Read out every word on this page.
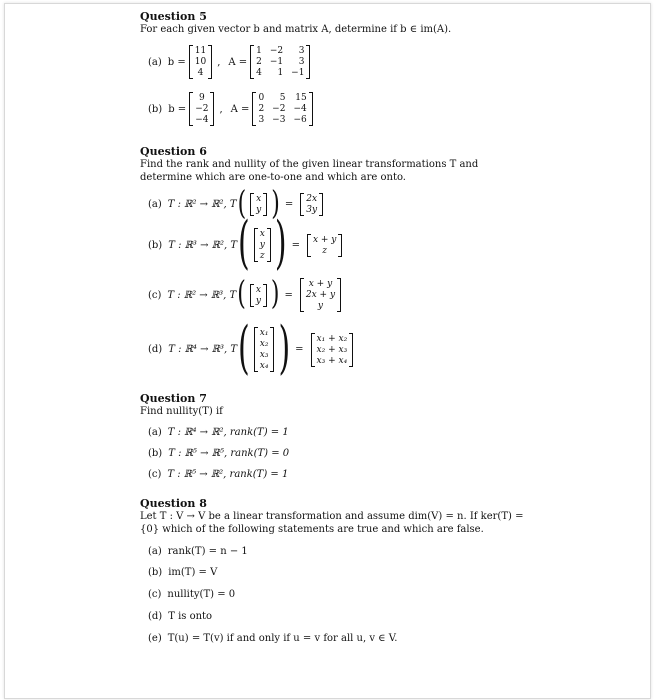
Question 5
For each given vector b and matrix A, determine if b ∈ im(A).
(a) b =
11
10
4
, A =
1 −2	3
2 −1	3
4	1 −1
(b) b =
9
−2
−4
, A =
0	5 15
2 −2 −4
3 −3 −6
Question 6
Find the rank and nullity of the given linear transformations T and determine which are one-to-one and which are onto.
(a) T : ℝ² → ℝ², T ( x
y ) = 2x
3y
(b) T : ℝ³ → ℝ², T ( x
y
z ) = x + y
z
(c) T : ℝ² → ℝ³, T ( x
y ) =
x + y
2x + y
y
(d) T : ℝ⁴ → ℝ³, T ( x₁
x₂
x₃
x₄ ) =
x₁ + x₂
x₂ + x₃
x₃ + x₄
Question 7
Find nullity(T) if
(a) T : ℝ⁴ → ℝ², rank(T) = 1
(b) T : ℝ⁵ → ℝ⁵, rank(T) = 0
(c) T : ℝ⁵ → ℝ², rank(T) = 1
Question 8
Let T : V → V be a linear transformation and assume dim(V) = n. If ker(T) = {0} which of the following statements are true and which are false.
(a) rank(T) = n − 1
(b) im(T) = V
(c) nullity(T) = 0
(d) T is onto
(e) T(u) = T(v) if and only if u = v for all u, v ∈ V.
